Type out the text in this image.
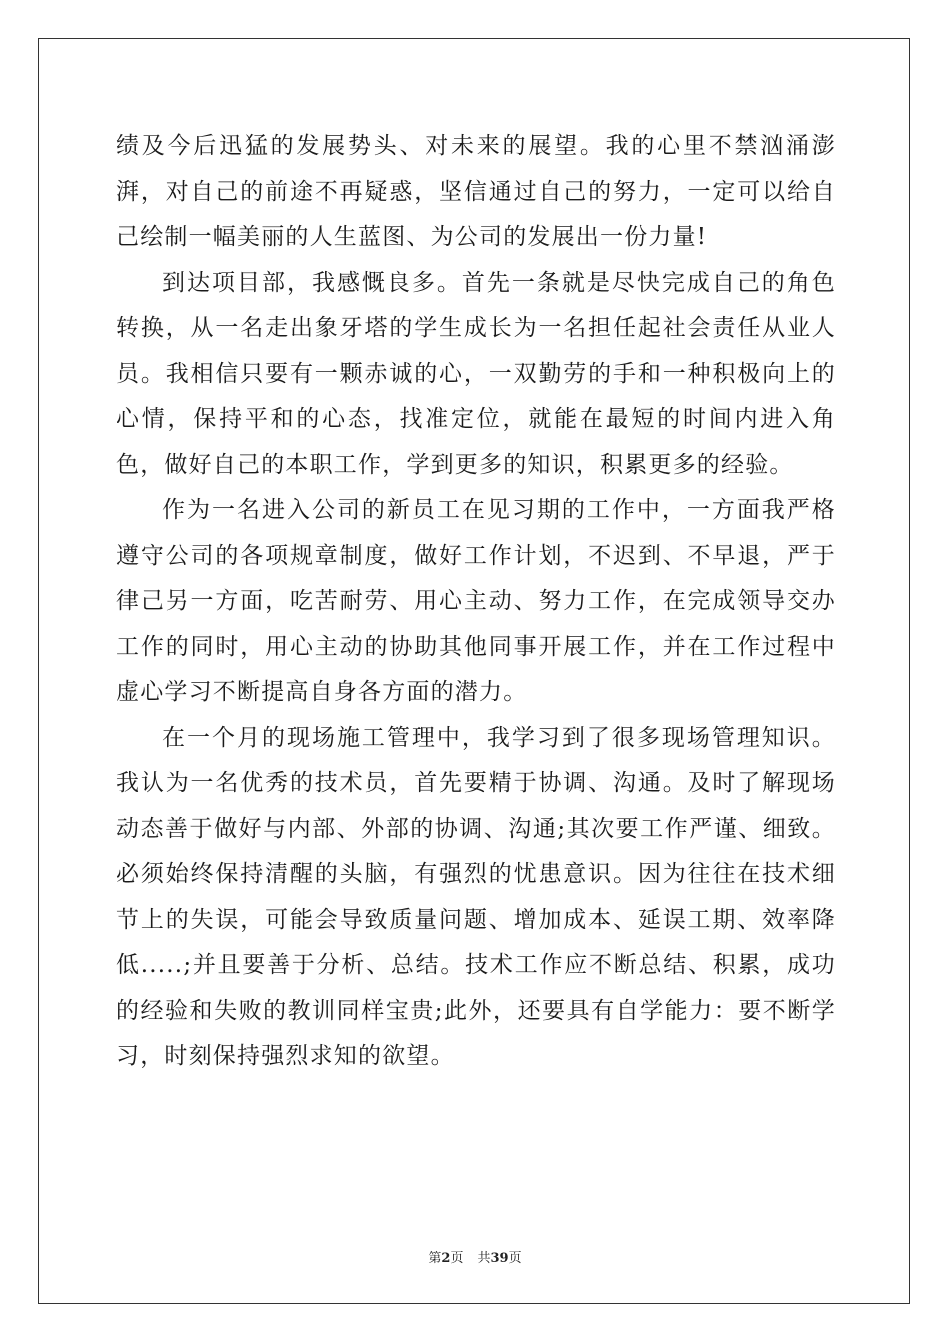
绩及今后迅猛的发展势头、对未来的展望。我的心里不禁汹涌澎湃，对自己的前途不再疑惑，坚信通过自己的努力，一定可以给自己绘制一幅美丽的人生蓝图、为公司的发展出一份力量!

到达项目部，我感慨良多。首先一条就是尽快完成自己的角色转换，从一名走出象牙塔的学生成长为一名担任起社会责任从业人员。我相信只要有一颗赤诚的心，一双勤劳的手和一种积极向上的心情，保持平和的心态，找准定位，就能在最短的时间内进入角色，做好自己的本职工作，学到更多的知识，积累更多的经验。

作为一名进入公司的新员工在见习期的工作中，一方面我严格遵守公司的各项规章制度，做好工作计划，不迟到、不早退，严于律己另一方面，吃苦耐劳、用心主动、努力工作，在完成领导交办工作的同时，用心主动的协助其他同事开展工作，并在工作过程中虚心学习不断提高自身各方面的潜力。

在一个月的现场施工管理中，我学习到了很多现场管理知识。我认为一名优秀的技术员，首先要精于协调、沟通。及时了解现场动态善于做好与内部、外部的协调、沟通;其次要工作严谨、细致。必须始终保持清醒的头脑，有强烈的忧患意识。因为往往在技术细节上的失误，可能会导致质量问题、增加成本、延误工期、效率降低.....;并且要善于分析、总结。技术工作应不断总结、积累，成功的经验和失败的教训同样宝贵;此外，还要具有自学能力：要不断学习，时刻保持强烈求知的欲望。

第2页 共39页
